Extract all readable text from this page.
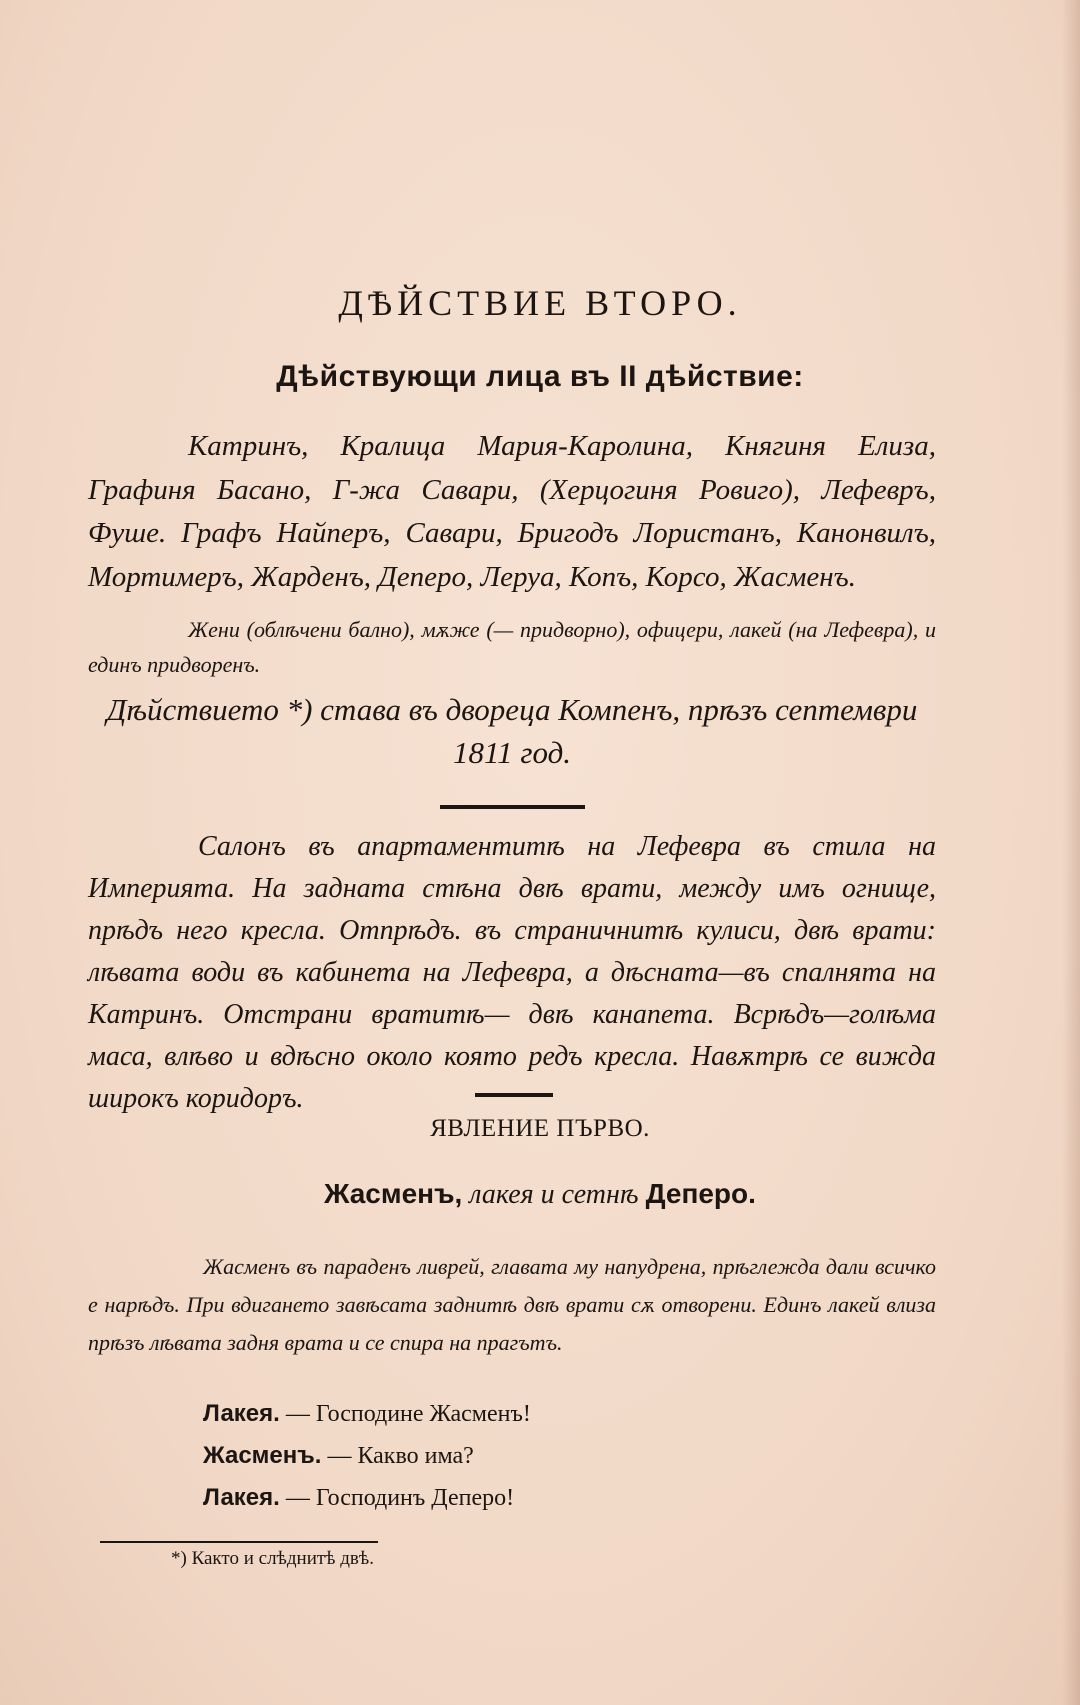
ДѢЙСТВИЕ ВТОРО.
Дѣйствующи лица въ II дѣйствие:
Катринъ, Кралица Мария-Каролина, Княгиня Елиза, Графиня Басано, Г-жа Савари, (Херцогиня Ровиго), Лефевръ, Фуше. Графъ Найперъ, Савари, Бригодъ Лористанъ, Канонвилъ, Мортимеръ, Жарденъ, Деперо, Леруа, Копъ, Корсо, Жасменъ.
Жени (облѣчени бално), мѫже (— придворно), офицери, лакей (на Лефевра), и единъ придворенъ.
Дѣйствието *) става въ двореца Компенъ, прѣзъ септември 1811 год.
Салонъ въ апартаментитѣ на Лефевра въ стила на Империята. На задната стѣна двѣ врати, между имъ огнище, прѣдъ него кресла. Отпрѣдъ. въ страничнитѣ кулиси, двѣ врати: лѣвата води въ кабинета на Лефевра, а дѣсната—въ спалнята на Катринъ. Отстрани вратитѣ— двѣ канапета. Всрѣдъ—голѣма маса, влѣво и вдѣсно около която редъ кресла. Навѫтрѣ се вижда широкъ коридоръ.
ЯВЛЕНИЕ ПЪРВО.
Жасменъ, лакея и сетнѣ Деперо.
Жасменъ въ параденъ ливрей, главата му напудрена, прѣглежда дали всичко е нарѣдъ. При вдигането завѣсата заднитѣ двѣ врати сѫ отворени. Единъ лакей влиза прѣзъ лѣвата задня врата и се спира на прагътъ.
Лакея. — Господине Жасменъ!
Жасменъ. — Какво има?
Лакея. — Господинъ Деперо!
*) Както и слѣднитѣ двѣ.
